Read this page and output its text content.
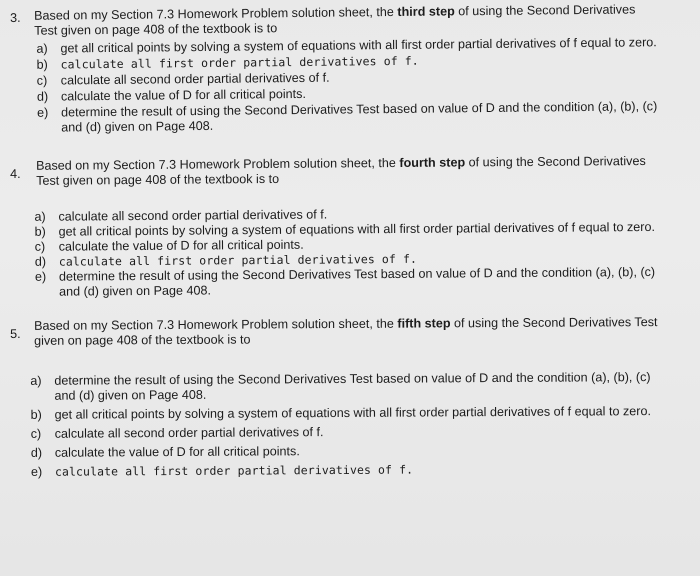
3. Based on my Section 7.3 Homework Problem solution sheet, the third step of using the Second Derivatives
Test given on page 408 of the textbook is to
a) get all critical points by solving a system of equations with all first order partial derivatives of f equal to zero.
b) calculate all first order partial derivatives of f.
c) calculate all second order partial derivatives of f.
d) calculate the value of D for all critical points.
e) determine the result of using the Second Derivatives Test based on value of D and the condition (a), (b), (c)
and (d) given on Page 408.
4.
Based on my Section 7.3 Homework Problem solution sheet, the fourth step of using the Second Derivatives
Test given on page 408 of the textbook is to
a) calculate all second order partial derivatives of f.
b) get all critical points by solving a system of equations with all first order partial derivatives of f equal to zero.
c) calculate the value of D for all critical points.
d) calculate all first order partial derivatives of f.
e) determine the result of using the Second Derivatives Test based on value of D and the condition (a), (b), (c)
and (d) given on Page 408.
5.
Based on my Section 7.3 Homework Problem solution sheet, the fifth step of using the Second Derivatives Test
given on page 408 of the textbook is to
a) determine the result of using the Second Derivatives Test based on value of D and the condition (a), (b), (c)
and (d) given on Page 408.
b) get all critical points by solving a system of equations with all first order partial derivatives of f equal to zero.
c) calculate all second order partial derivatives of f.
d) calculate the value of D for all critical points.
e) calculate all first order partial derivatives of f.
